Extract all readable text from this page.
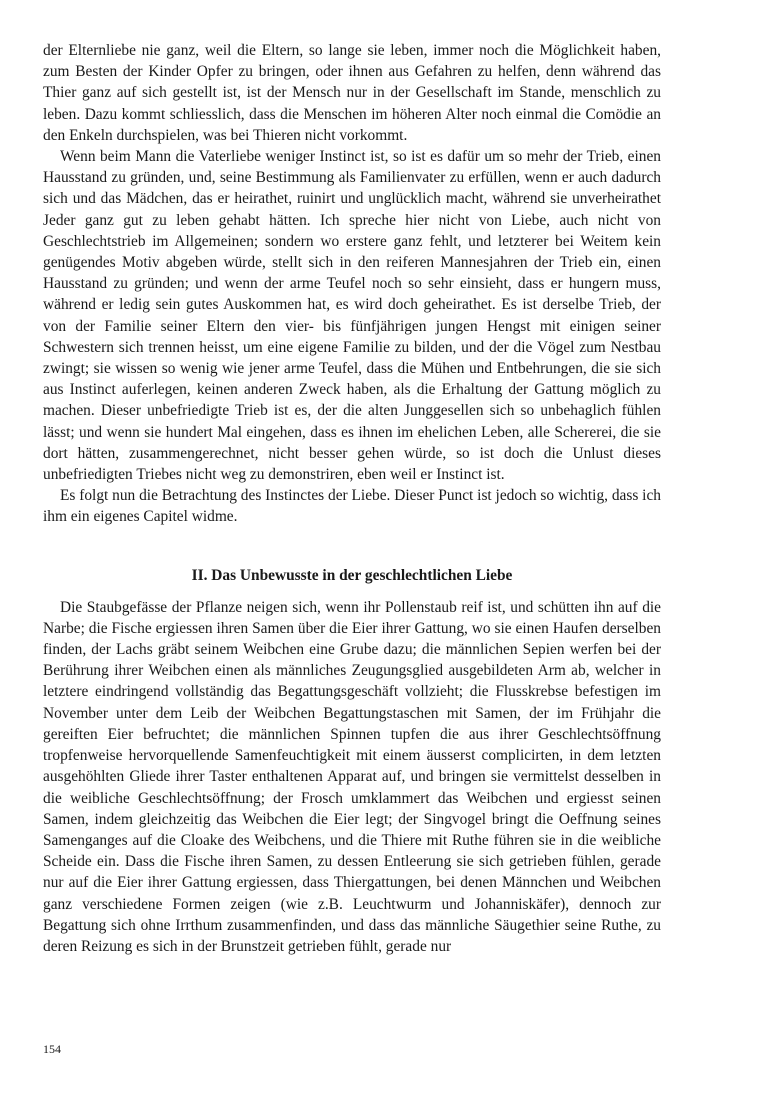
der Elternliebe nie ganz, weil die Eltern, so lange sie leben, immer noch die Möglichkeit haben, zum Besten der Kinder Opfer zu bringen, oder ihnen aus Gefahren zu helfen, denn während das Thier ganz auf sich gestellt ist, ist der Mensch nur in der Gesellschaft im Stande, menschlich zu leben. Dazu kommt schliesslich, dass die Menschen im höheren Alter noch einmal die Comödie an den Enkeln durchspielen, was bei Thieren nicht vorkommt.

Wenn beim Mann die Vaterliebe weniger Instinct ist, so ist es dafür um so mehr der Trieb, einen Hausstand zu gründen, und, seine Bestimmung als Familienvater zu erfüllen, wenn er auch dadurch sich und das Mädchen, das er heirathet, ruinirt und unglücklich macht, während sie unverheirathet Jeder ganz gut zu leben gehabt hätten. Ich spreche hier nicht von Liebe, auch nicht von Geschlechtstrieb im Allgemeinen; sondern wo erstere ganz fehlt, und letzterer bei Weitem kein genügendes Motiv abgeben würde, stellt sich in den reiferen Mannesjahren der Trieb ein, einen Hausstand zu gründen; und wenn der arme Teufel noch so sehr einsieht, dass er hungern muss, während er ledig sein gutes Auskommen hat, es wird doch geheirathet. Es ist derselbe Trieb, der von der Familie seiner Eltern den vier- bis fünfjährigen jungen Hengst mit einigen seiner Schwestern sich trennen heisst, um eine eigene Familie zu bilden, und der die Vögel zum Nestbau zwingt; sie wissen so wenig wie jener arme Teufel, dass die Mühen und Entbehrungen, die sie sich aus Instinct auferlegen, keinen anderen Zweck haben, als die Erhaltung der Gattung möglich zu machen. Dieser unbefriedigte Trieb ist es, der die alten Junggesellen sich so unbehaglich fühlen lässt; und wenn sie hundert Mal eingehen, dass es ihnen im ehelichen Leben, alle Schererei, die sie dort hätten, zusammengerechnet, nicht besser gehen würde, so ist doch die Unlust dieses unbefriedigten Triebes nicht weg zu demonstriren, eben weil er Instinct ist.

Es folgt nun die Betrachtung des Instinctes der Liebe. Dieser Punct ist jedoch so wichtig, dass ich ihm ein eigenes Capitel widme.

II. Das Unbewusste in der geschlechtlichen Liebe

Die Staubgefässe der Pflanze neigen sich, wenn ihr Pollenstaub reif ist, und schütten ihn auf die Narbe; die Fische ergiessen ihren Samen über die Eier ihrer Gattung, wo sie einen Haufen derselben finden, der Lachs gräbt seinem Weibchen eine Grube dazu; die männlichen Sepien werfen bei der Berührung ihrer Weibchen einen als männliches Zeugungsglied ausgebildeten Arm ab, welcher in letztere eindringend vollständig das Begattungsgeschäft vollzieht; die Flusskrebse befestigen im November unter dem Leib der Weibchen Begattungstaschen mit Samen, der im Frühjahr die gereiften Eier befruchtet; die männlichen Spinnen tupfen die aus ihrer Geschlechtsöffnung tropfenweise hervorquellende Samenfeuchtigkeit mit einem äusserst complicirten, in dem letzten ausgehöhlten Gliede ihrer Taster enthaltenen Apparat auf, und bringen sie vermittelst desselben in die weibliche Geschlechtsöffnung; der Frosch umklammert das Weibchen und ergiesst seinen Samen, indem gleichzeitig das Weibchen die Eier legt; der Singvogel bringt die Oeffnung seines Samenganges auf die Cloake des Weibchens, und die Thiere mit Ruthe führen sie in die weibliche Scheide ein. Dass die Fische ihren Samen, zu dessen Entleerung sie sich getrieben fühlen, gerade nur auf die Eier ihrer Gattung ergiessen, dass Thiergattungen, bei denen Männchen und Weibchen ganz verschiedene Formen zeigen (wie z.B. Leuchtwurm und Johanniskäfer), dennoch zur Begattung sich ohne Irrthum zusammenfinden, und dass das männliche Säugethier seine Ruthe, zu deren Reizung es sich in der Brunstzeit getrieben fühlt, gerade nur

154
